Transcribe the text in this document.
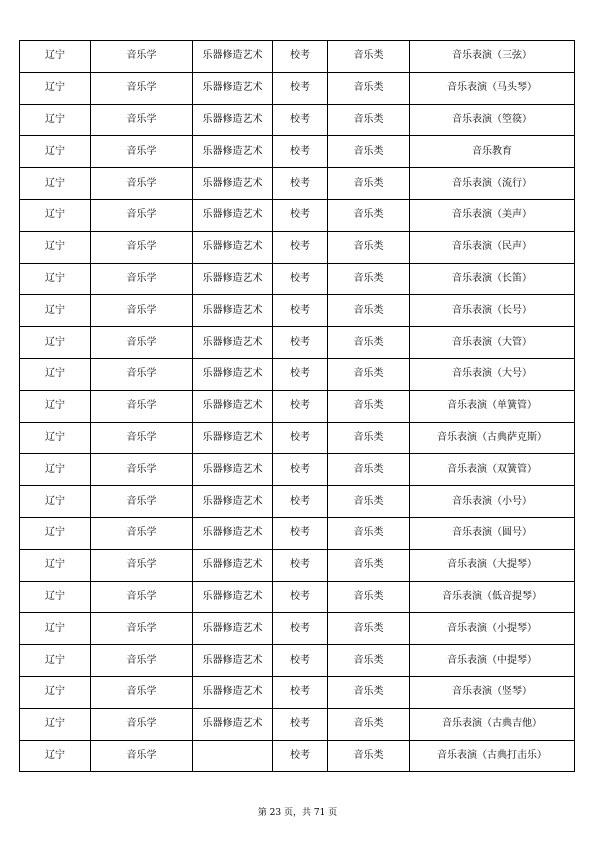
辽宁	音乐学	乐器修造艺术	校考	音乐类	音乐表演（三弦）
辽宁	音乐学	乐器修造艺术	校考	音乐类	音乐表演（马头琴）
辽宁	音乐学	乐器修造艺术	校考	音乐类	音乐表演（箜篌）
辽宁	音乐学	乐器修造艺术	校考	音乐类	音乐教育
辽宁	音乐学	乐器修造艺术	校考	音乐类	音乐表演（流行）
辽宁	音乐学	乐器修造艺术	校考	音乐类	音乐表演（美声）
辽宁	音乐学	乐器修造艺术	校考	音乐类	音乐表演（民声）
辽宁	音乐学	乐器修造艺术	校考	音乐类	音乐表演（长笛）
辽宁	音乐学	乐器修造艺术	校考	音乐类	音乐表演（长号）
辽宁	音乐学	乐器修造艺术	校考	音乐类	音乐表演（大管）
辽宁	音乐学	乐器修造艺术	校考	音乐类	音乐表演（大号）
辽宁	音乐学	乐器修造艺术	校考	音乐类	音乐表演（单簧管）
辽宁	音乐学	乐器修造艺术	校考	音乐类	音乐表演（古典萨克斯）
辽宁	音乐学	乐器修造艺术	校考	音乐类	音乐表演（双簧管）
辽宁	音乐学	乐器修造艺术	校考	音乐类	音乐表演（小号）
辽宁	音乐学	乐器修造艺术	校考	音乐类	音乐表演（圆号）
辽宁	音乐学	乐器修造艺术	校考	音乐类	音乐表演（大提琴）
辽宁	音乐学	乐器修造艺术	校考	音乐类	音乐表演（低音提琴）
辽宁	音乐学	乐器修造艺术	校考	音乐类	音乐表演（小提琴）
辽宁	音乐学	乐器修造艺术	校考	音乐类	音乐表演（中提琴）
辽宁	音乐学	乐器修造艺术	校考	音乐类	音乐表演（竖琴）
辽宁	音乐学	乐器修造艺术	校考	音乐类	音乐表演（古典吉他）
辽宁	音乐学		校考	音乐类	音乐表演（古典打击乐）
第 23 页，共 71 页
